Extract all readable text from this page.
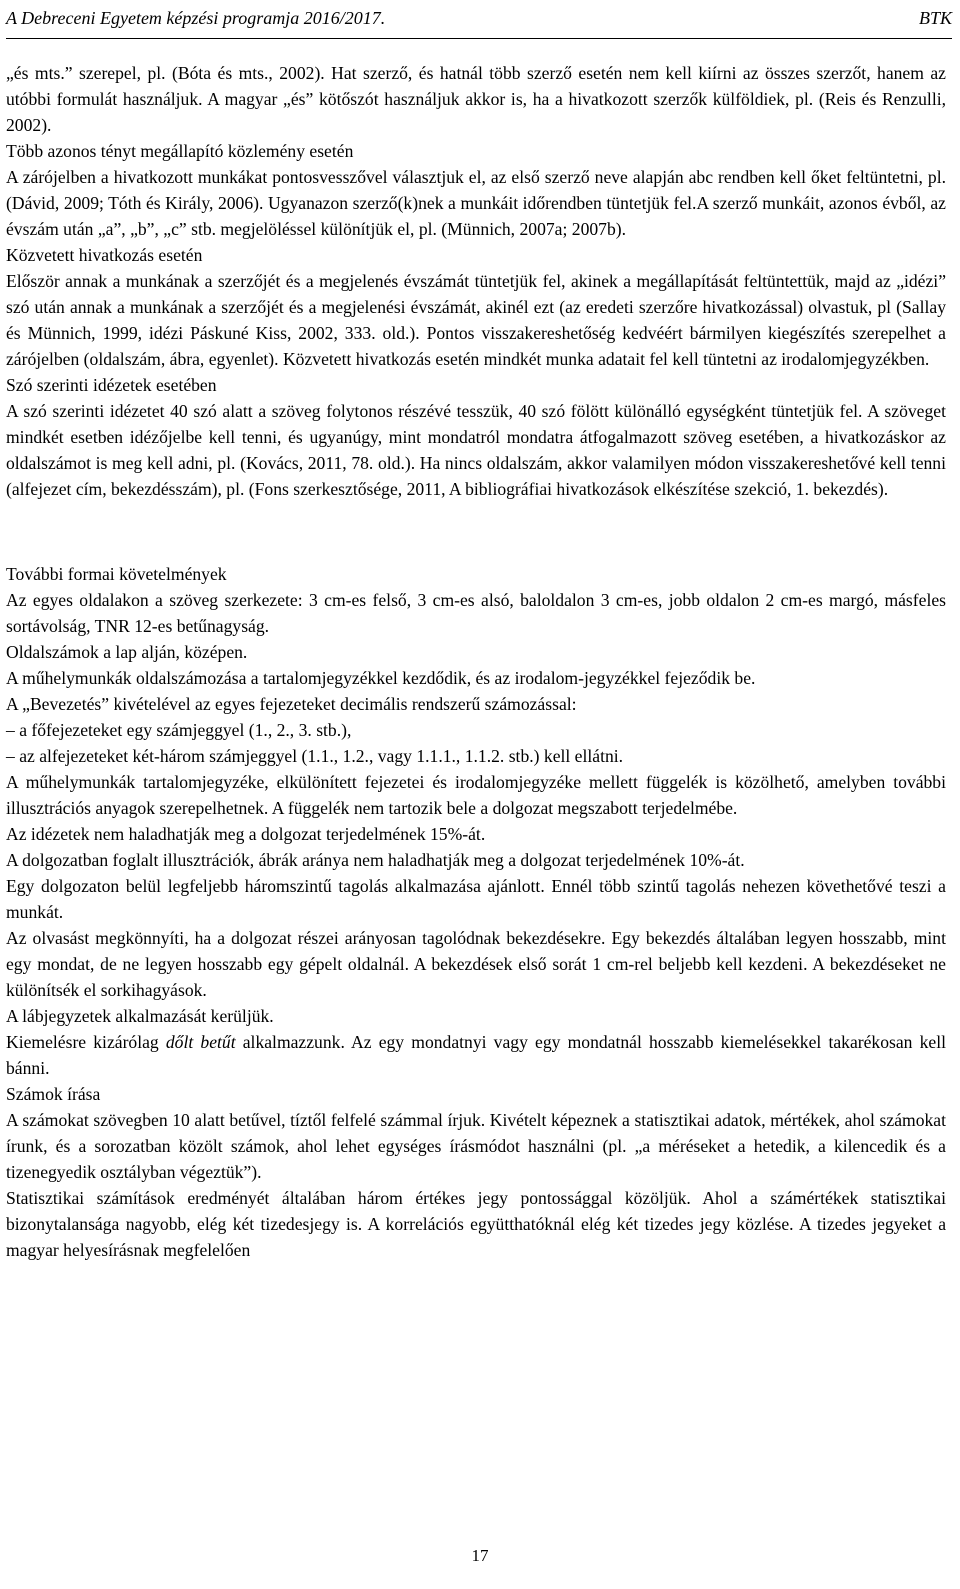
A Debreceni Egyetem képzési programja 2016/2017.	BTK

„és mts.” szerepel, pl. (Bóta és mts., 2002). Hat szerző, és hatnál több szerző esetén nem kell kiírni az összes szerzőt, hanem az utóbbi formulát használjuk. A magyar „és” kötőszót használjuk akkor is, ha a hivatkozott szerzők külföldiek, pl. (Reis és Renzulli, 2002).

Több azonos tényt megállapító közlemény esetén

A zárójelben a hivatkozott munkákat pontosvesszővel választjuk el, az első szerző neve alapján abc rendben kell őket feltüntetni, pl. (Dávid, 2009; Tóth és Király, 2006). Ugyanazon szerző(k)nek a munkáit időrendben tüntetjük fel.A szerző munkáit, azonos évből, az évszám után „a”, „b”, „c” stb. megjelöléssel különítjük el, pl. (Münnich, 2007a; 2007b).

Közvetett hivatkozás esetén

Először annak a munkának a szerzőjét és a megjelenés évszámát tüntetjük fel, akinek a megállapítását feltüntettük, majd az „idézi” szó után annak a munkának a szerzőjét és a megjelenési évszámát, akinél ezt (az eredeti szerzőre hivatkozással) olvastuk, pl (Sallay és Münnich, 1999, idézi Páskuné Kiss, 2002, 333. old.). Pontos visszakereshetőség kedvéért bármilyen kiegészítés szerepelhet a zárójelben (oldalszám, ábra, egyenlet). Közvetett hivatkozás esetén mindkét munka adatait fel kell tüntetni az irodalomjegyzékben.

Szó szerinti idézetek esetében

A szó szerinti idézetet 40 szó alatt a szöveg folytonos részévé tesszük, 40 szó fölött különálló egységként tüntetjük fel. A szöveget mindkét esetben idézőjelbe kell tenni, és ugyanúgy, mint mondatról mondatra átfogalmazott szöveg esetében, a hivatkozáskor az oldalszámot is meg kell adni, pl. (Kovács, 2011, 78. old.). Ha nincs oldalszám, akkor valamilyen módon visszakereshetővé kell tenni (alfejezet cím, bekezdésszám), pl. (Fons szerkesztősége, 2011, A bibliográfiai hivatkozások elkészítése szekció, 1. bekezdés).

További formai követelmények

Az egyes oldalakon a szöveg szerkezete: 3 cm-es felső, 3 cm-es alsó, baloldalon 3 cm-es, jobb oldalon 2 cm-es margó, másfeles sortávolság, TNR 12-es betűnagyság.

Oldalszámok a lap alján, középen.

A műhelymunkák oldalszámozása a tartalomjegyzékkel kezdődik, és az irodalom-jegyzékkel fejeződik be.

A „Bevezetés” kivételével az egyes fejezeteket decimális rendszerű számozással:

– a főfejezeteket egy számjeggyel (1., 2., 3. stb.),

– az alfejezeteket két-három számjeggyel (1.1., 1.2., vagy 1.1.1., 1.1.2. stb.) kell ellátni.

A műhelymunkák tartalomjegyzéke, elkülönített fejezetei és irodalomjegyzéke mellett függelék is közölhető, amelyben további illusztrációs anyagok szerepelhetnek. A függelék nem tartozik bele a dolgozat megszabott terjedelmébe.

Az idézetek nem haladhatják meg a dolgozat terjedelmének 15%-át.

A dolgozatban foglalt illusztrációk, ábrák aránya nem haladhatják meg a dolgozat terjedelmének 10%-át.

Egy dolgozaton belül legfeljebb háromszintű tagolás alkalmazása ajánlott. Ennél több szintű tagolás nehezen követhetővé teszi a munkát.

Az olvasást megkönnyíti, ha a dolgozat részei arányosan tagolódnak bekezdésekre. Egy bekezdés általában legyen hosszabb, mint egy mondat, de ne legyen hosszabb egy gépelt oldalnál. A bekezdések első sorát 1 cm-rel beljebb kell kezdeni. A bekezdéseket ne különítsék el sorkihagyások.

A lábjegyzetek alkalmazását kerüljük.

Kiemelésre kizárólag dőlt betűt alkalmazzunk. Az egy mondatnyi vagy egy mondatnál hosszabb kiemelésekkel takarékosan kell bánni.

Számok írása

A számokat szövegben 10 alatt betűvel, tíztől felfelé számmal írjuk. Kivételt képeznek a statisztikai adatok, mértékek, ahol számokat írunk, és a sorozatban közölt számok, ahol lehet egységes írásmódot használni (pl. „a méréseket a hetedik, a kilencedik és a tizenegyedik osztályban végeztük”).

Statisztikai számítások eredményét általában három értékes jegy pontossággal közöljük. Ahol a számértékek statisztikai bizonytalansága nagyobb, elég két tizedesjegy is. A korrelációs együtthatóknál elég két tizedes jegy közlése. A tizedes jegyeket a magyar helyesírásnak megfelelően

17
